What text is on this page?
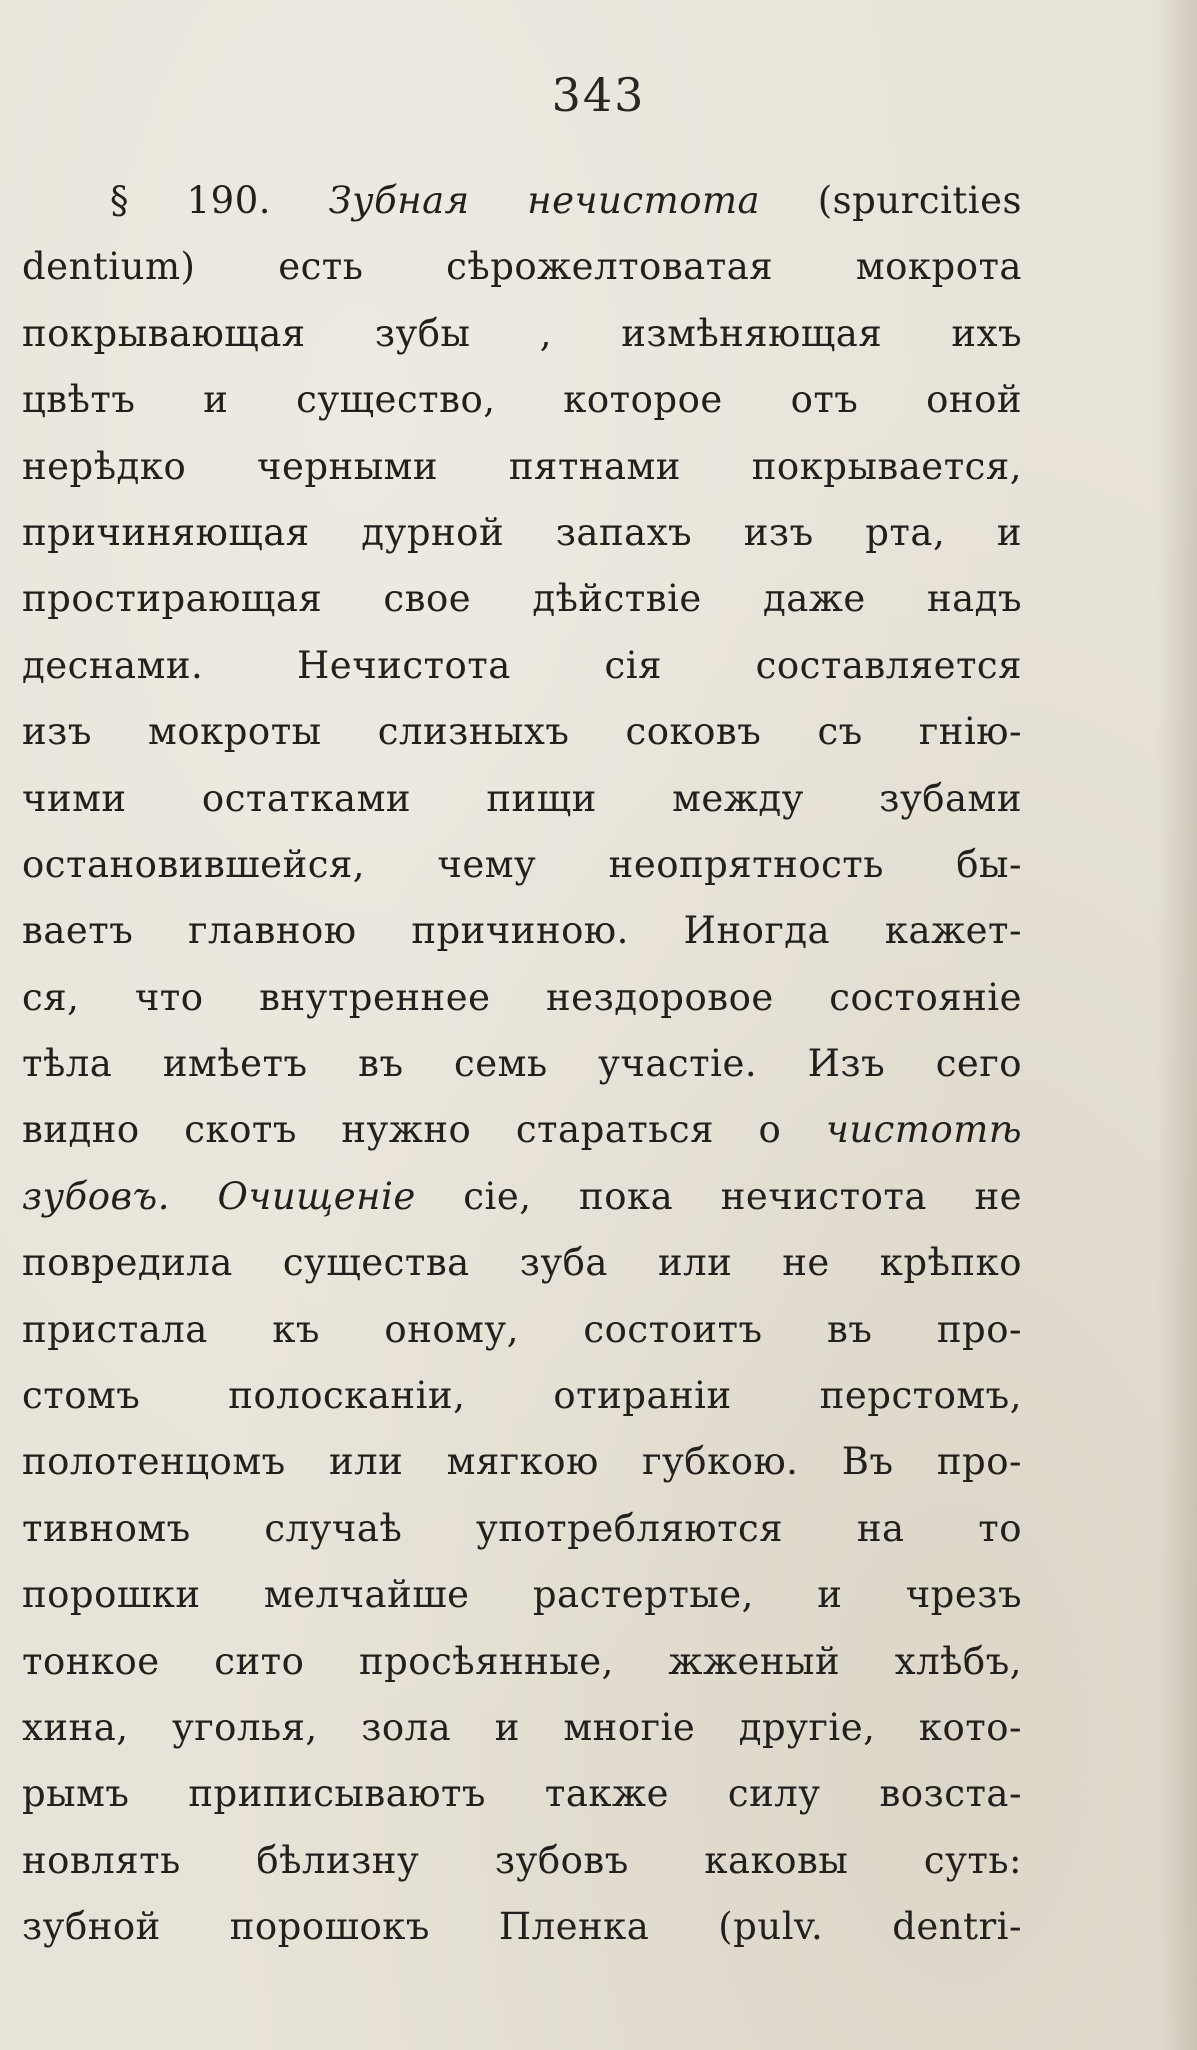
343
§ 190. Зубная нечистота (spurcities
dentium) есть сѣрожелтоватая мокрота
покрывающая зубы , измѣняющая ихъ
цвѣтъ и существо, которое отъ оной
нерѣдко черными пятнами покрывается,
причиняющая дурной запахъ изъ рта, и
простирающая свое дѣйствіе даже надъ
деснами. Нечистота сія составляется
изъ мокроты слизныхъ соковъ съ гнію-
чими остатками пищи между зубами
остановившейся, чему неопрятность бы-
ваетъ главною причиною. Иногда кажет-
ся, что внутреннее нездоровое состояніе
тѣла имѣетъ въ семь участіе. Изъ сего
видно скотъ нужно стараться о чистотѣ
зубовъ. Очищеніе сіе, пока нечистота не
повредила существа зуба или не крѣпко
пристала къ оному, состоитъ въ про-
стомъ полосканіи, отираніи перстомъ,
полотенцомъ или мягкою губкою. Въ про-
тивномъ случаѣ употребляются на то
порошки мелчайше растертые, и чрезъ
тонкое сито просѣянные, жженый хлѣбъ,
хина, уголья, зола и многіе другіе, кото-
рымъ приписываютъ также силу возста-
новлять бѣлизну зубовъ каковы суть:
зубной порошокъ Пленка (pulv. dentri-
